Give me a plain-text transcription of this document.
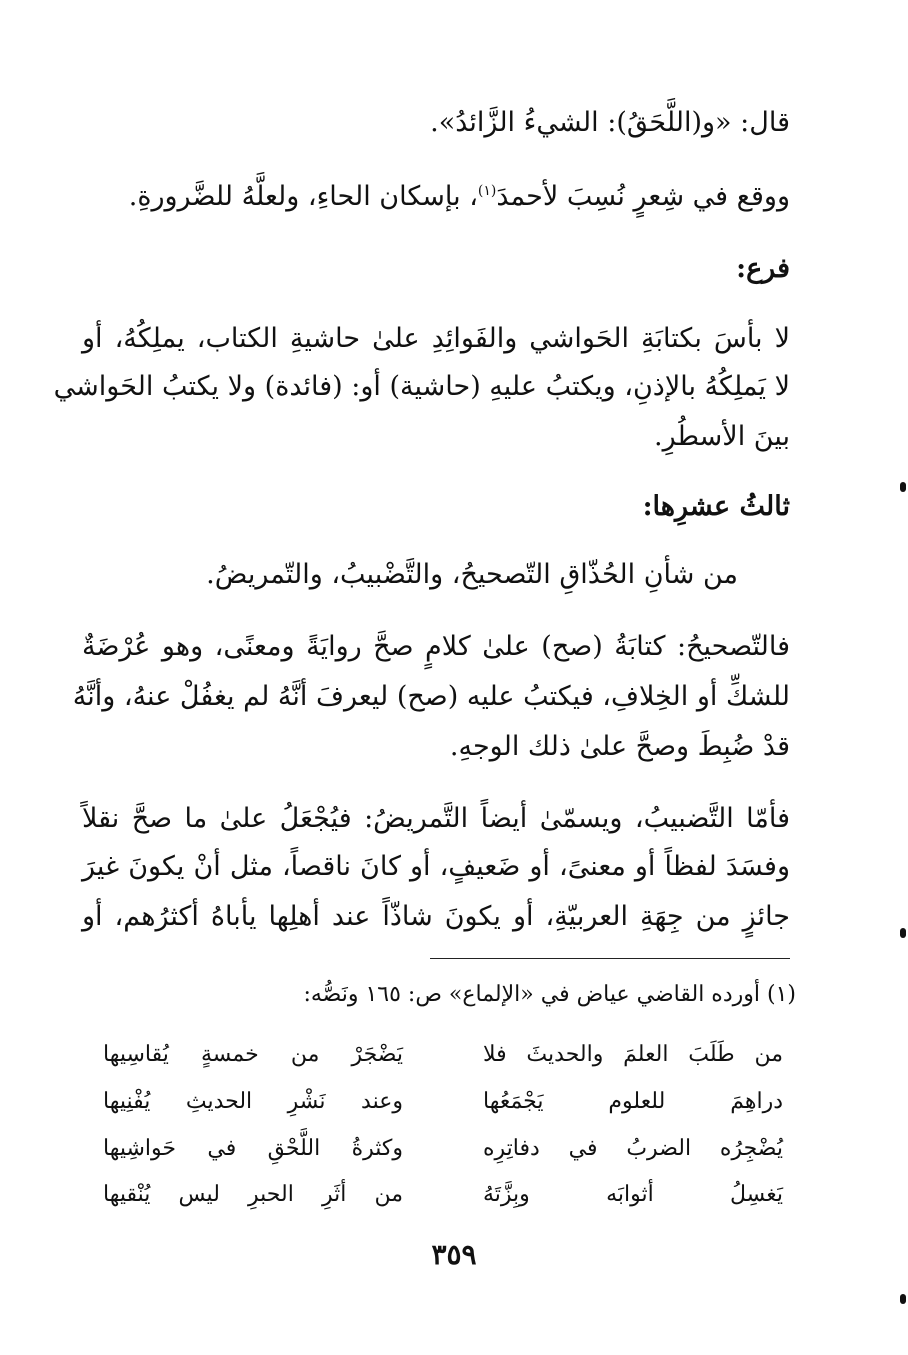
قال: «و(اللَّحَقُ): الشيءُ الزَّائدُ».
ووقع في شِعرٍ نُسِبَ لأحمدَ$^{(١)}$، بإسكان الحاءِ، ولعلَّهُ للضَّرورةِ.
فرع:
لا بأسَ بكتابَةِ الحَواشي والفَوائِدِ علىٰ حاشيةِ الكتاب، يملِكُهُ، أو
لا يَملِكُهُ بالإذنِ، ويكتبُ عليهِ (حاشية) أو: (فائدة) ولا يكتبُ الحَواشي
بينَ الأسطُرِ.
ثالثُ عشرِها:
من شأنِ الحُذّاقِ التّصحيحُ، والتَّضْبيبُ، والتّمريضُ.
فالتّصحيحُ: كتابَةُ (صح) علىٰ كلامٍ صحَّ روايَةً ومعنًى، وهو عُرْضَةٌ
للشكِّ أو الخِلافِ، فيكتبُ عليه (صح) ليعرفَ أنَّهُ لم يغفُلْ عنهُ، وأنَّهُ
قدْ ضُبِطَ وصحَّ علىٰ ذلك الوجهِ.
فأمّا التَّضبيبُ، ويسمّىٰ أيضاً التَّمريضُ: فيُجْعَلُ علىٰ ما صحَّ نقلاً
وفسَدَ لفظاً أو معنىً، أو ضَعيفٍ، أو كانَ ناقصاً، مثل أنْ يكونَ غيرَ
جائزٍ من جِهَةِ العربيّةِ، أو يكونَ شاذّاً عند أهلِها يأباهُ أكثرُهم، أو
(١) أورده القاضي عياض في «الإلماع» ص: ١٦٥ ونَصُّه:
من طَلَبَ العلمَ والحديثَ فلا
يَضْجَرْ من خمسةٍ يُقاسِيها
دراهِمَ للعلوم يَجْمَعُها
وعند نَشْرِ الحديثِ يُفْنِيها
يُضْجِرُه الضربُ في دفاتِرِه
وكثرةُ اللَّحْقِ في حَواشِيها
يَغسِلُ أثوابَه وبِزَّتَهُ
من أثَرِ الحبرِ ليس يُنْقيها
٣٥٩
